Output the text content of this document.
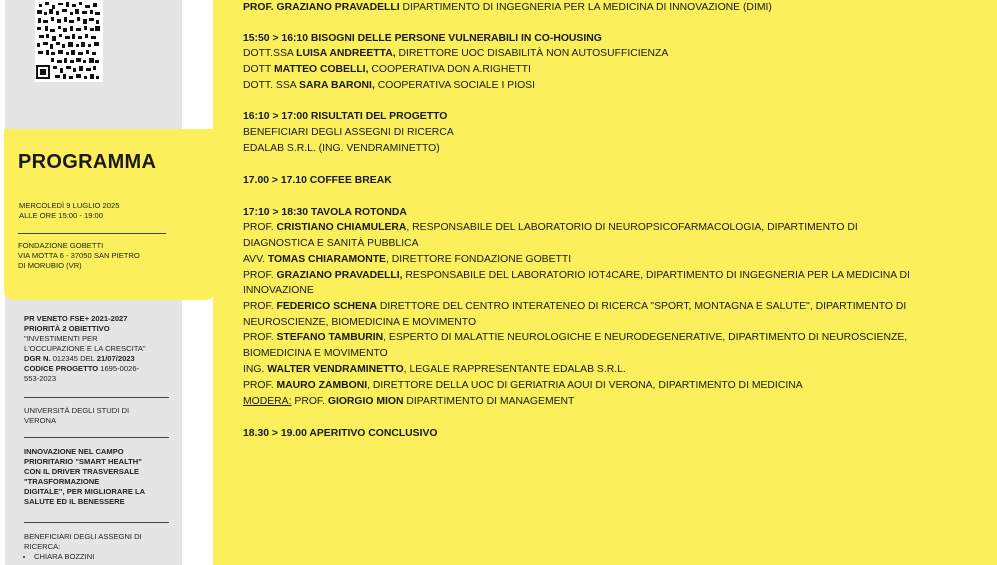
PR VENETO FSE+ 2021-2027
PRIORITÀ 2 OBIETTIVO
"INVESTIMENTI PER
L'OCCUPAZIONE E LA CRESCITA"
DGR N. 012345 DEL 21/07/2023
CODICE PROGETTO 1695-0026-
553-2023
UNIVERSITÀ DEGLI STUDI DI
VERONA
INNOVAZIONE NEL CAMPO
PRIORITARIO "SMART HEALTH"
CON IL DRIVER TRASVERSALE
"TRASFORMAZIONE
DIGITALE", PER MIGLIORARE LA
SALUTE ED IL BENESSERE
BENEFICIARI DEGLI ASSEGNI DI
RICERCA:
• CHIARA BOZZINI
PROF. GRAZIANO PRAVADELLI DIPARTIMENTO DI INGEGNERIA PER LA MEDICINA DI INNOVAZIONE (DIMI)
15:50 > 16:10 BISOGNI DELLE PERSONE VULNERABILI IN CO-HOUSING
DOTT.SSA LUISA ANDREETTA, DIRETTORE UOC DISABILITÀ NON AUTOSUFFICIENZA
DOTT MATTEO COBELLI, COOPERATIVA DON A.RIGHETTI
DOTT. SSA SARA BARONI, COOPERATIVA SOCIALE I PIOSI
16:10 > 17:00 RISULTATI DEL PROGETTO
BENEFICIARI DEGLI ASSEGNI DI RICERCA
EDALAB S.R.L. (ING. VENDRAMINETTO)
17.00 > 17.10 COFFEE BREAK
17:10 > 18:30 TAVOLA ROTONDA
PROF. CRISTIANO CHIAMULERA, RESPONSABILE DEL LABORATORIO DI NEUROPSICOFARMACOLOGIA, DIPARTIMENTO DI
DIAGNOSTICA E SANITÀ PUBBLICA
AVV. TOMAS CHIARAMONTE, DIRETTORE FONDAZIONE GOBETTI
PROF. GRAZIANO PRAVADELLI, RESPONSABILE DEL LABORATORIO IOT4CARE, DIPARTIMENTO DI INGEGNERIA PER LA MEDICINA DI
INNOVAZIONE
PROF. FEDERICO SCHENA DIRETTORE DEL CENTRO INTERATENEO DI RICERCA "SPORT, MONTAGNA E SALUTE", DIPARTIMENTO DI
NEUROSCIENZE, BIOMEDICINA E MOVIMENTO
PROF. STEFANO TAMBURIN, ESPERTO DI MALATTIE NEUROLOGICHE E NEURODEGENERATIVE, DIPARTIMENTO DI NEUROSCIENZE,
BIOMEDICINA E MOVIMENTO
ING. WALTER VENDRAMINETTO, LEGALE RAPPRESENTANTE EDALAB S.R.L.
PROF. MAURO ZAMBONI, DIRETTORE DELLA UOC DI GERIATRIA AOUI DI VERONA, DIPARTIMENTO DI MEDICINA
MODERA: PROF. GIORGIO MION DIPARTIMENTO DI MANAGEMENT
18.30 > 19.00 APERITIVO CONCLUSIVO
PROGRAMMA
MERCOLEDÌ 9 LUGLIO 2025
ALLE ORE 15:00 - 19:00
FONDAZIONE GOBETTI
VIA MOTTA 6 - 37050 SAN PIETRO
DI MORUBIO (VR)
